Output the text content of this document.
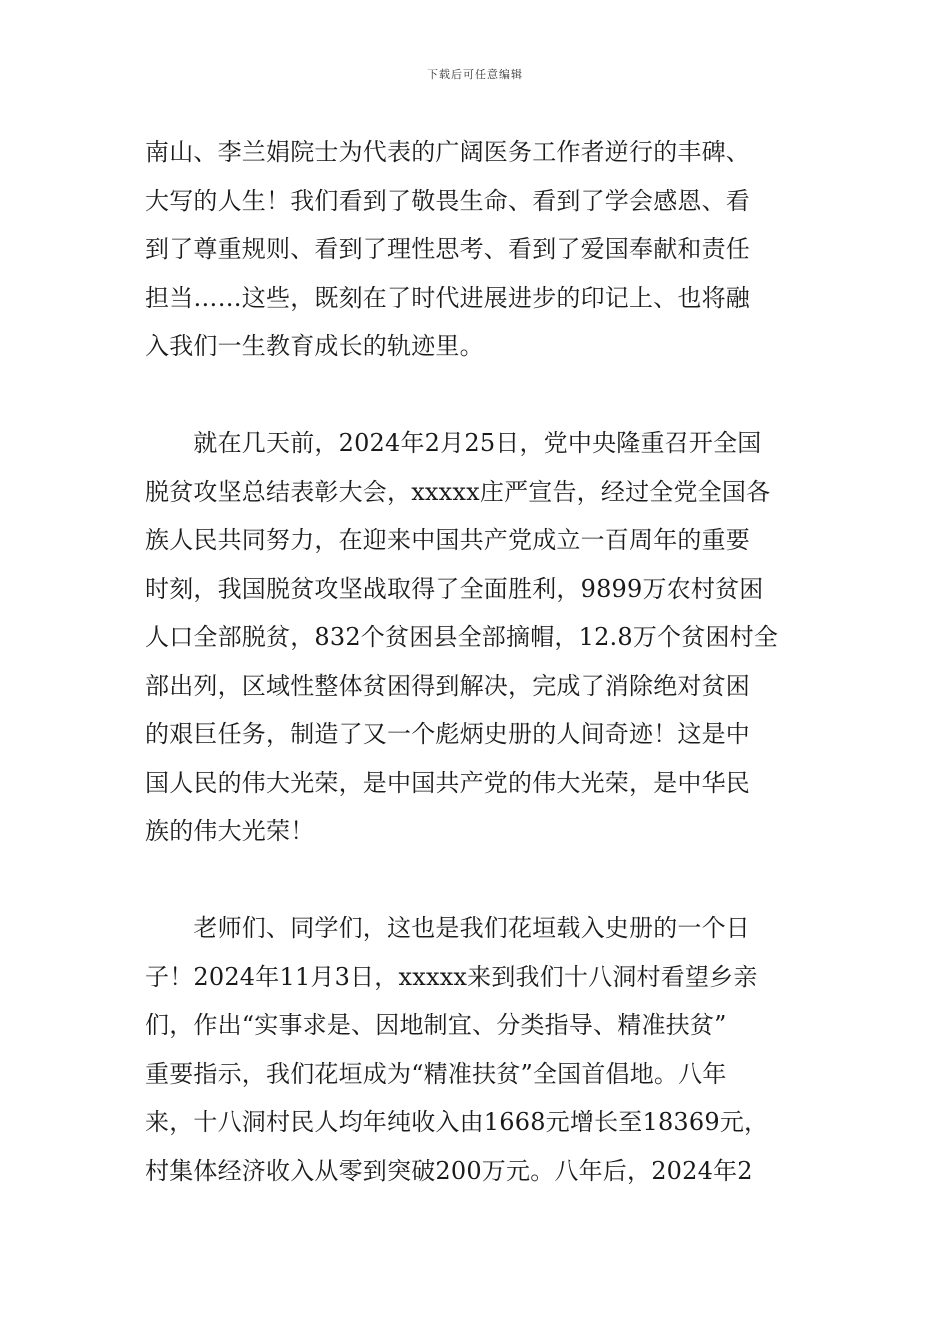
下载后可任意编辑
南山、李兰娟院士为代表的广阔医务工作者逆行的丰碑、
大写的人生！我们看到了敬畏生命、看到了学会感恩、看
到了尊重规则、看到了理性思考、看到了爱国奉献和责任
担当……这些，既刻在了时代进展进步的印记上、也将融
入我们一生教育成长的轨迹里。
　　就在几天前，2024年2月25日，党中央隆重召开全国
脱贫攻坚总结表彰大会，xxxxx庄严宣告，经过全党全国各
族人民共同努力，在迎来中国共产党成立一百周年的重要
时刻，我国脱贫攻坚战取得了全面胜利，9899万农村贫困
人口全部脱贫，832个贫困县全部摘帽，12.8万个贫困村全
部出列，区域性整体贫困得到解决，完成了消除绝对贫困
的艰巨任务，制造了又一个彪炳史册的人间奇迹！这是中
国人民的伟大光荣，是中国共产党的伟大光荣，是中华民
族的伟大光荣！
　　老师们、同学们，这也是我们花垣载入史册的一个日
子！2024年11月3日，xxxxx来到我们十八洞村看望乡亲
们，作出“实事求是、因地制宜、分类指导、精准扶贫”
重要指示，我们花垣成为“精准扶贫”全国首倡地。八年
来，十八洞村民人均年纯收入由1668元增长至18369元，
村集体经济收入从零到突破200万元。八年后，2024年2
